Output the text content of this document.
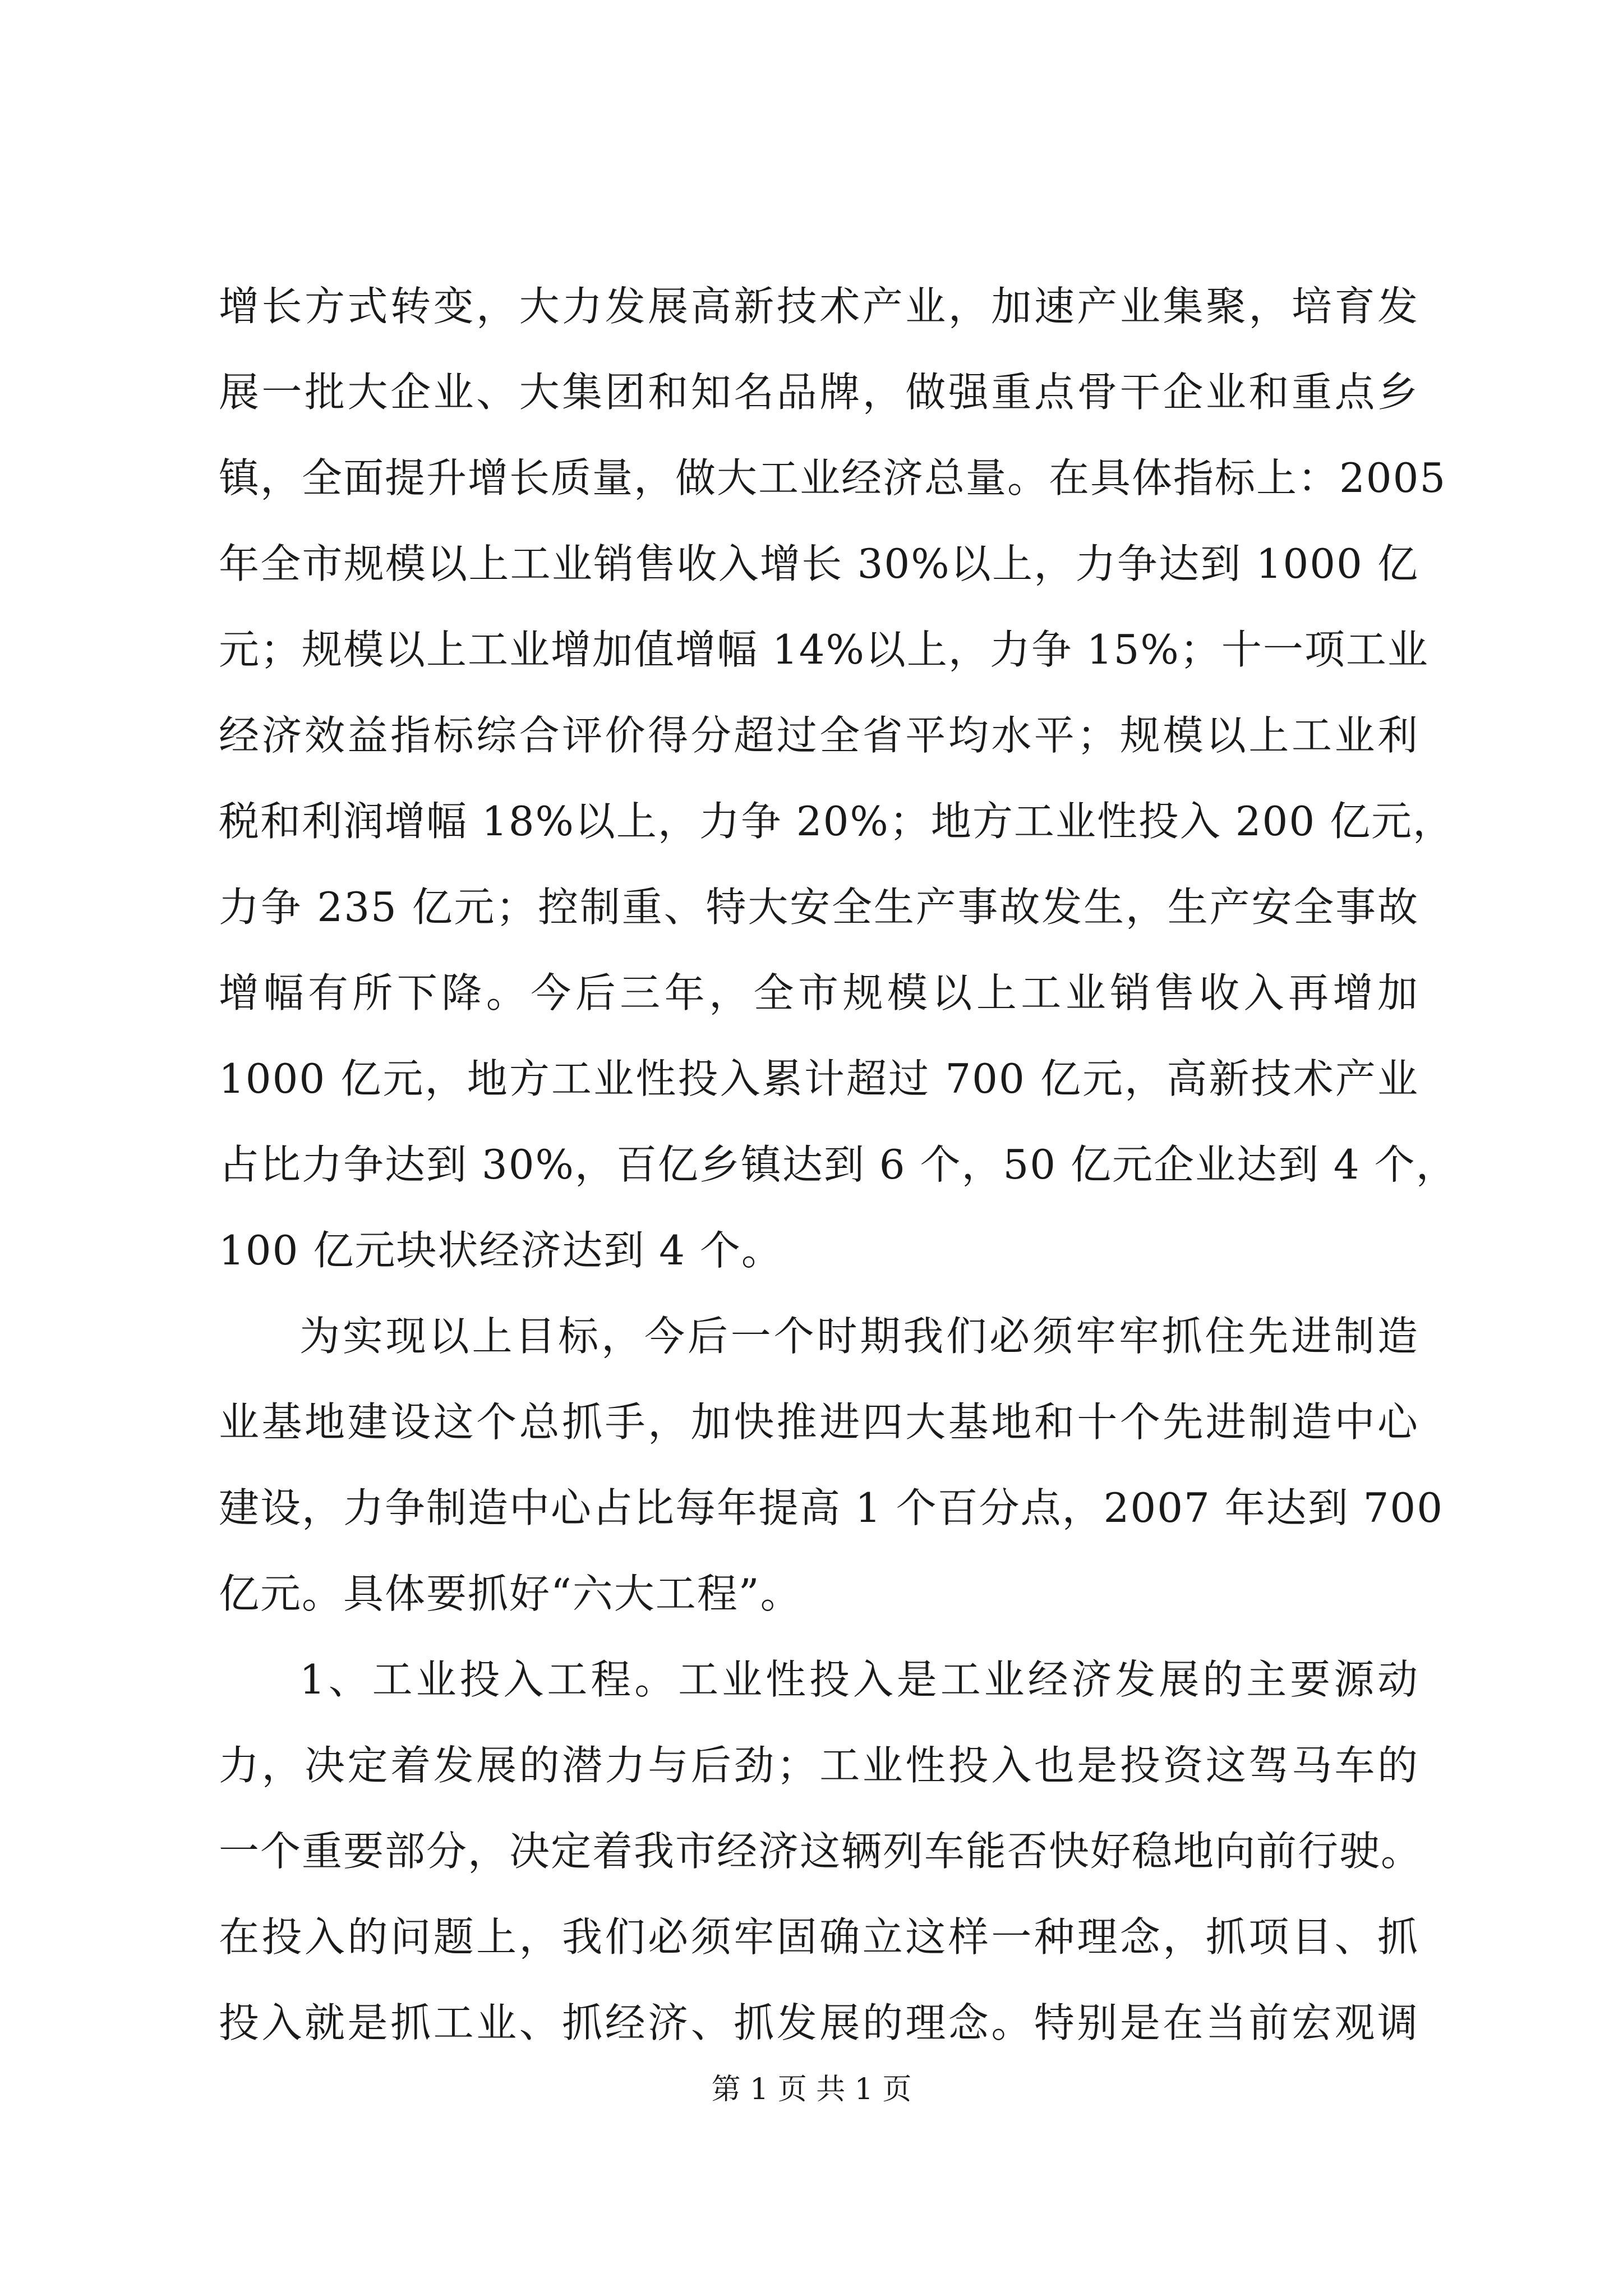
增长方式转变，大力发展高新技术产业，加速产业集聚，培育发
展一批大企业、大集团和知名品牌，做强重点骨干企业和重点乡
镇，全面提升增长质量，做大工业经济总量。在具体指标上：2005
年全市规模以上工业销售收入增长 30%以上，力争达到 1000 亿
元；规模以上工业增加值增幅 14%以上，力争 15%；十一项工业
经济效益指标综合评价得分超过全省平均水平；规模以上工业利
税和利润增幅 18%以上，力争 20%；地方工业性投入 200 亿元，
力争 235 亿元；控制重、特大安全生产事故发生，生产安全事故
增幅有所下降。今后三年，全市规模以上工业销售收入再增加
1000 亿元，地方工业性投入累计超过 700 亿元，高新技术产业
占比力争达到 30%，百亿乡镇达到 6 个，50 亿元企业达到 4 个，
100 亿元块状经济达到 4 个。
为实现以上目标，今后一个时期我们必须牢牢抓住先进制造
业基地建设这个总抓手，加快推进四大基地和十个先进制造中心
建设，力争制造中心占比每年提高 1 个百分点，2007 年达到 700
亿元。具体要抓好“六大工程”。
1、工业投入工程。工业性投入是工业经济发展的主要源动
力，决定着发展的潜力与后劲；工业性投入也是投资这驾马车的
一个重要部分，决定着我市经济这辆列车能否快好稳地向前行驶。
在投入的问题上，我们必须牢固确立这样一种理念，抓项目、抓
投入就是抓工业、抓经济、抓发展的理念。特别是在当前宏观调
第 1 页 共 1 页
